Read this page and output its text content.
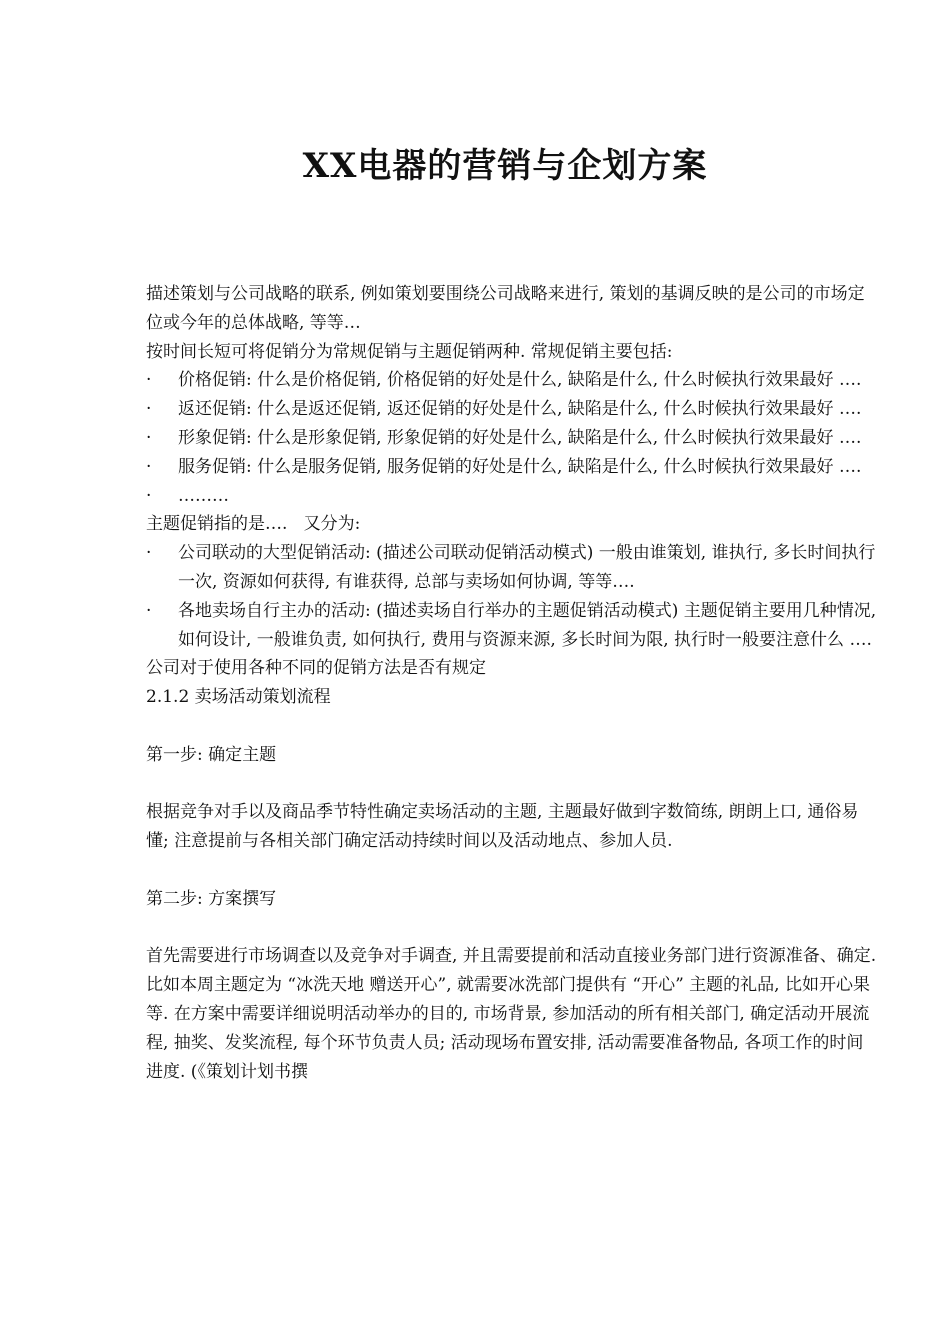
XX电器的营销与企划方案

描述策划与公司战略的联系, 例如策划要围绕公司战略来进行, 策划的基调反映的是公司的市场定位或今年的总体战略, 等等…

按时间长短可将促销分为常规促销与主题促销两种. 常规促销主要包括:

·	价格促销: 什么是价格促销, 价格促销的好处是什么, 缺陷是什么, 什么时候执行效果最好 ….

·	返还促销: 什么是返还促销, 返还促销的好处是什么, 缺陷是什么, 什么时候执行效果最好 ….

·	形象促销: 什么是形象促销, 形象促销的好处是什么, 缺陷是什么, 什么时候执行效果最好 ….

·	服务促销: 什么是服务促销, 服务促销的好处是什么, 缺陷是什么, 什么时候执行效果最好 ….

·	………

主题促销指的是….   又分为:

·	公司联动的大型促销活动: (描述公司联动促销活动模式) 一般由谁策划, 谁执行, 多长时间执行一次, 资源如何获得, 有谁获得, 总部与卖场如何协调, 等等….

·	各地卖场自行主办的活动: (描述卖场自行举办的主题促销活动模式) 主题促销主要用几种情况, 如何设计, 一般谁负责, 如何执行, 费用与资源来源, 多长时间为限, 执行时一般要注意什么 ….

公司对于使用各种不同的促销方法是否有规定

2.1.2 卖场活动策划流程

第一步: 确定主题

根据竞争对手以及商品季节特性确定卖场活动的主题, 主题最好做到字数简练, 朗朗上口, 通俗易懂; 注意提前与各相关部门确定活动持续时间以及活动地点、参加人员.

第二步: 方案撰写

首先需要进行市场调查以及竞争对手调查, 并且需要提前和活动直接业务部门进行资源准备、确定. 比如本周主题定为 “冰洗天地 赠送开心”, 就需要冰洗部门提供有 “开心” 主题的礼品, 比如开心果等. 在方案中需要详细说明活动举办的目的, 市场背景, 参加活动的所有相关部门, 确定活动开展流程, 抽奖、发奖流程, 每个环节负责人员; 活动现场布置安排, 活动需要准备物品, 各项工作的时间进度. (《策划计划书撰
